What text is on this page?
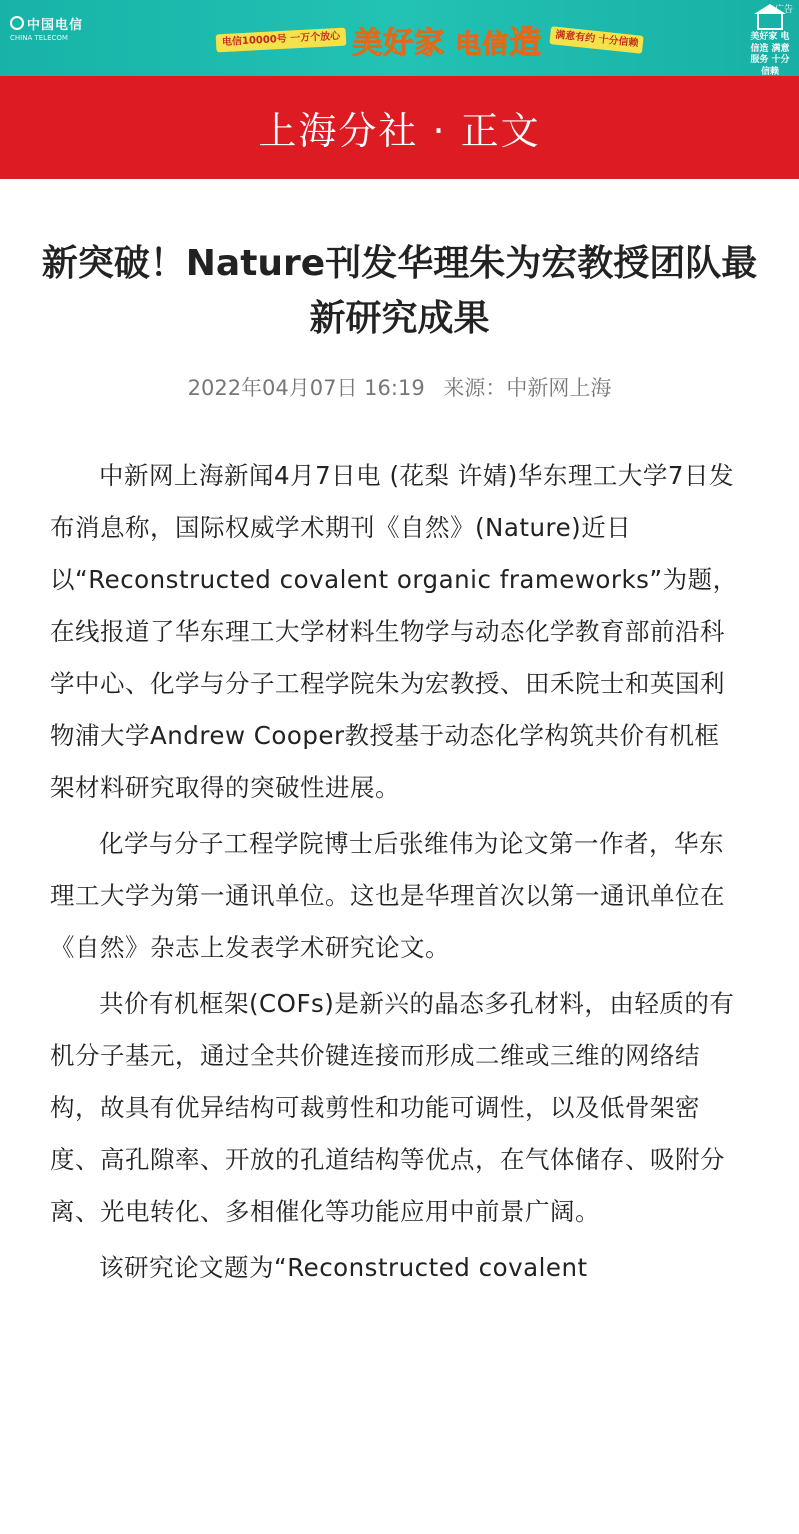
中国电信
CHINA TELECOM	电信10000号 一万个放心 美好家 电信造	满意有约 十分信赖
广告
美好家 电信造 满意服务 十分信赖
上海分社 · 正文
新突破！Nature刊发华理朱为宏教授团队最新研究成果
2022年04月07日 16:19 来源：中新网上海

中新网上海新闻4月7日电 (花梨 许婧)华东理工大学7日发布消息称，国际权威学术期刊《自然》(Nature)近日以“Reconstructed covalent organic frameworks”为题，在线报道了华东理工大学材料生物学与动态化学教育部前沿科学中心、化学与分子工程学院朱为宏教授、田禾院士和英国利物浦大学Andrew Cooper教授基于动态化学构筑共价有机框架材料研究取得的突破性进展。

化学与分子工程学院博士后张维伟为论文第一作者，华东理工大学为第一通讯单位。这也是华理首次以第一通讯单位在《自然》杂志上发表学术研究论文。

共价有机框架(COFs)是新兴的晶态多孔材料，由轻质的有机分子基元，通过全共价键连接而形成二维或三维的网络结构，故具有优异结构可裁剪性和功能可调性，以及低骨架密度、高孔隙率、开放的孔道结构等优点，在气体储存、吸附分离、光电转化、多相催化等功能应用中前景广阔。

该研究论文题为“Reconstructed covalent
